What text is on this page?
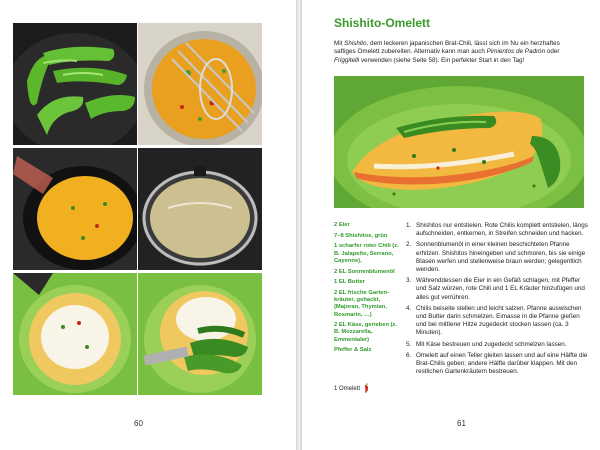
60
Shishito-Omelett
Mit Shishito, dem leckeren japanischen Brat-Chili, lässt sich im Nu ein herzhaftes saftiges Omelett zubereiten. Alternativ kann man auch Pimientos de Padrón oder Friggitelli verwenden (siehe Seite 58). Ein perfekter Start in den Tag!
2 Eier
7–8 Shishitos, grün
1 scharfer roter Chili (z. B. Jalapeño, Serrano, Cayenne),
2 EL Sonnenblumenöl
1 EL Butter
2 EL frische Garten-kräuter, gehackt, (Majoran, Thymian, Rosmarin, …)
2 EL Käse, gerieben (z. B. Mozzarella, Emmentaler)
Pfeffer & Salz
1 Omelett
1. Shishitos nur entstielen. Rote Chilis komplett entstielen, längs aufschneiden, entkernen, in Streifen schneiden und hacken.
2. Sonnenblumenöl in einer kleinen beschichteten Pfanne erhitzen. Shishitos hineingeben und schmoren, bis sie einige Blasen werfen und stellenweise braun werden; gelegentlich wenden.
3. Währenddessen die Eier in ein Gefäß schlagen, mit Pfeffer und Salz würzen, rote Chili und 1 EL Kräuter hinzufügen und alles gut verrühren.
4. Chilis beiseite stellen und leicht salzen. Pfanne auswischen und Butter darin schmelzen. Eimasse in die Pfanne gießen und bei mittlerer Hitze zugedeckt stocken lassen (ca. 3 Minuten).
5. Mit Käse bestreuen und zugedeckt schmelzen lassen.
6. Omelett auf einen Teller gleiten lassen und auf eine Hälfte die Brat-Chilis geben; andere Hälfte darüber klappen. Mit den restlichen Gartenkräutern bestreuen.
61
